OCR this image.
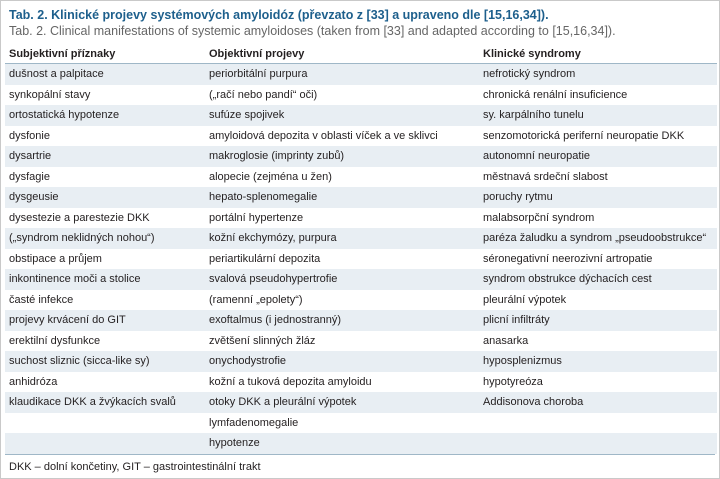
Tab. 2. Klinické projevy systémových amyloidóz (převzato z [33] a upraveno dle [15,16,34]).
Tab. 2. Clinical manifestations of systemic amyloidoses (taken from [33] and adapted according to [15,16,34]).
Subjektivní příznaky	Objektivní projevy	Klinické syndromy
dušnost a palpitace	periorbitální purpura	nefrotický syndrom
synkopální stavy	(„račí nebo pandí“ oči)	chronická renální insuficience
ortostatická hypotenze	sufúze spojivek	sy. karpálního tunelu
dysfonie	amyloidová depozita v oblasti víček a ve sklivci	senzomotorická periferní neuropatie DKK
dysartrie	makroglosie (imprinty zubů)	autonomní neuropatie
dysfagie	alopecie (zejména u žen)	městnavá srdeční slabost
dysgeusie	hepato-splenomegalie	poruchy rytmu
dysestezie a parestezie DKK	portální hypertenze	malabsorpční syndrom
(„syndrom neklidných nohou“)	kožní ekchymózy, purpura	paréza žaludku a syndrom „pseudoobstrukce“
obstipace a průjem	periartikulární depozita	séronegativní neerozivní artropatie
inkontinence moči a stolice	svalová pseudohypertrofie	syndrom obstrukce dýchacích cest
časté infekce	(ramenní „epolety“)	pleurální výpotek
projevy krvácení do GIT	exoftalmus (i jednostranný)	plicní infiltráty
erektilní dysfunkce	zvětšení slinných žláz	anasarka
suchost sliznic (sicca-like sy)	onychodystrofie	hyposplenizmus
anhidróza	kožní a tuková depozita amyloidu	hypotyreóza
klaudikace DKK a žvýkacích svalů	otoky DKK a pleurální výpotek	Addisonova choroba
	lymfadenomegalie	
	hypotenze	
DKK – dolní končetiny, GIT – gastrointestinální trakt
